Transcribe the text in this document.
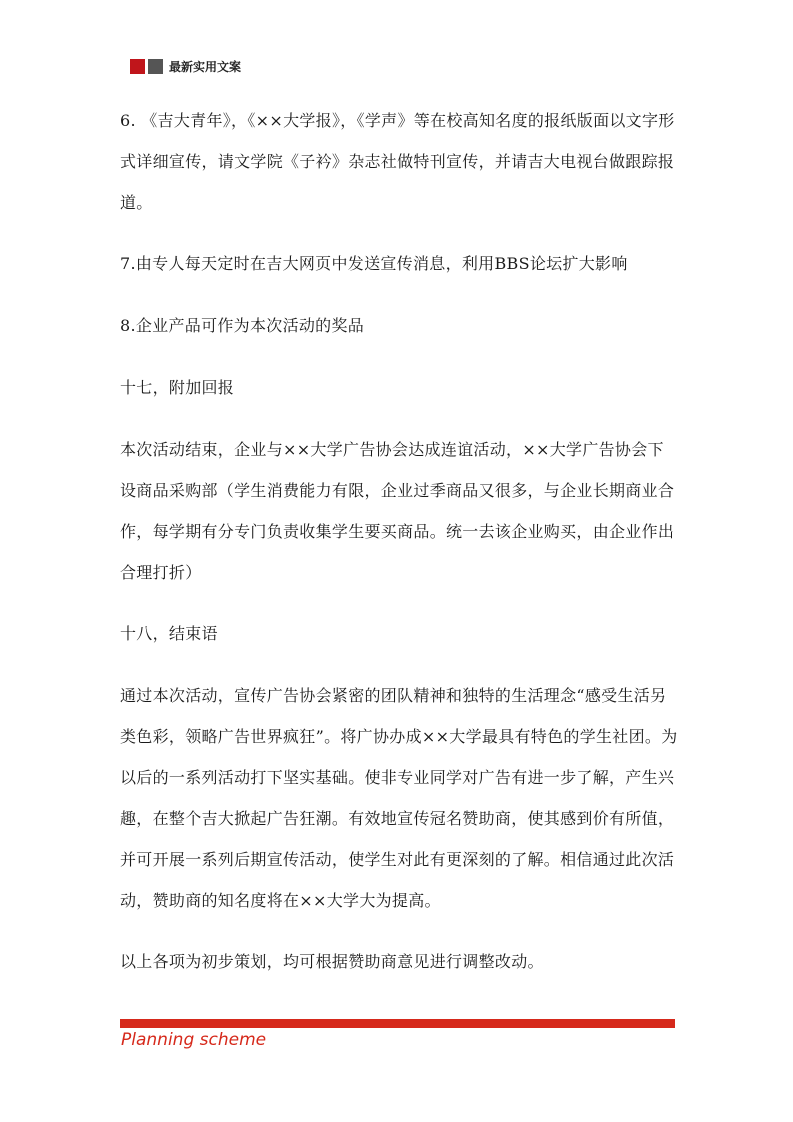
最新实用文案

6. 《吉大青年》，《××大学报》，《学声》等在校高知名度的报纸版面以文字形式详细宣传，请文学院《子衿》杂志社做特刊宣传，并请吉大电视台做跟踪报道。

7.由专人每天定时在吉大网页中发送宣传消息，利用BBS论坛扩大影响

8.企业产品可作为本次活动的奖品

十七，附加回报

本次活动结束，企业与××大学广告协会达成连谊活动，××大学广告协会下设商品采购部（学生消费能力有限，企业过季商品又很多，与企业长期商业合作，每学期有分专门负责收集学生要买商品。统一去该企业购买，由企业作出合理打折）

十八，结束语

通过本次活动，宣传广告协会紧密的团队精神和独特的生活理念“感受生活另类色彩，领略广告世界疯狂”。将广协办成××大学最具有特色的学生社团。为以后的一系列活动打下坚实基础。使非专业同学对广告有进一步了解，产生兴趣，在整个吉大掀起广告狂潮。有效地宣传冠名赞助商，使其感到价有所值，并可开展一系列后期宣传活动，使学生对此有更深刻的了解。相信通过此次活动，赞助商的知名度将在××大学大为提高。

以上各项为初步策划，均可根据赞助商意见进行调整改动。

Planning scheme
